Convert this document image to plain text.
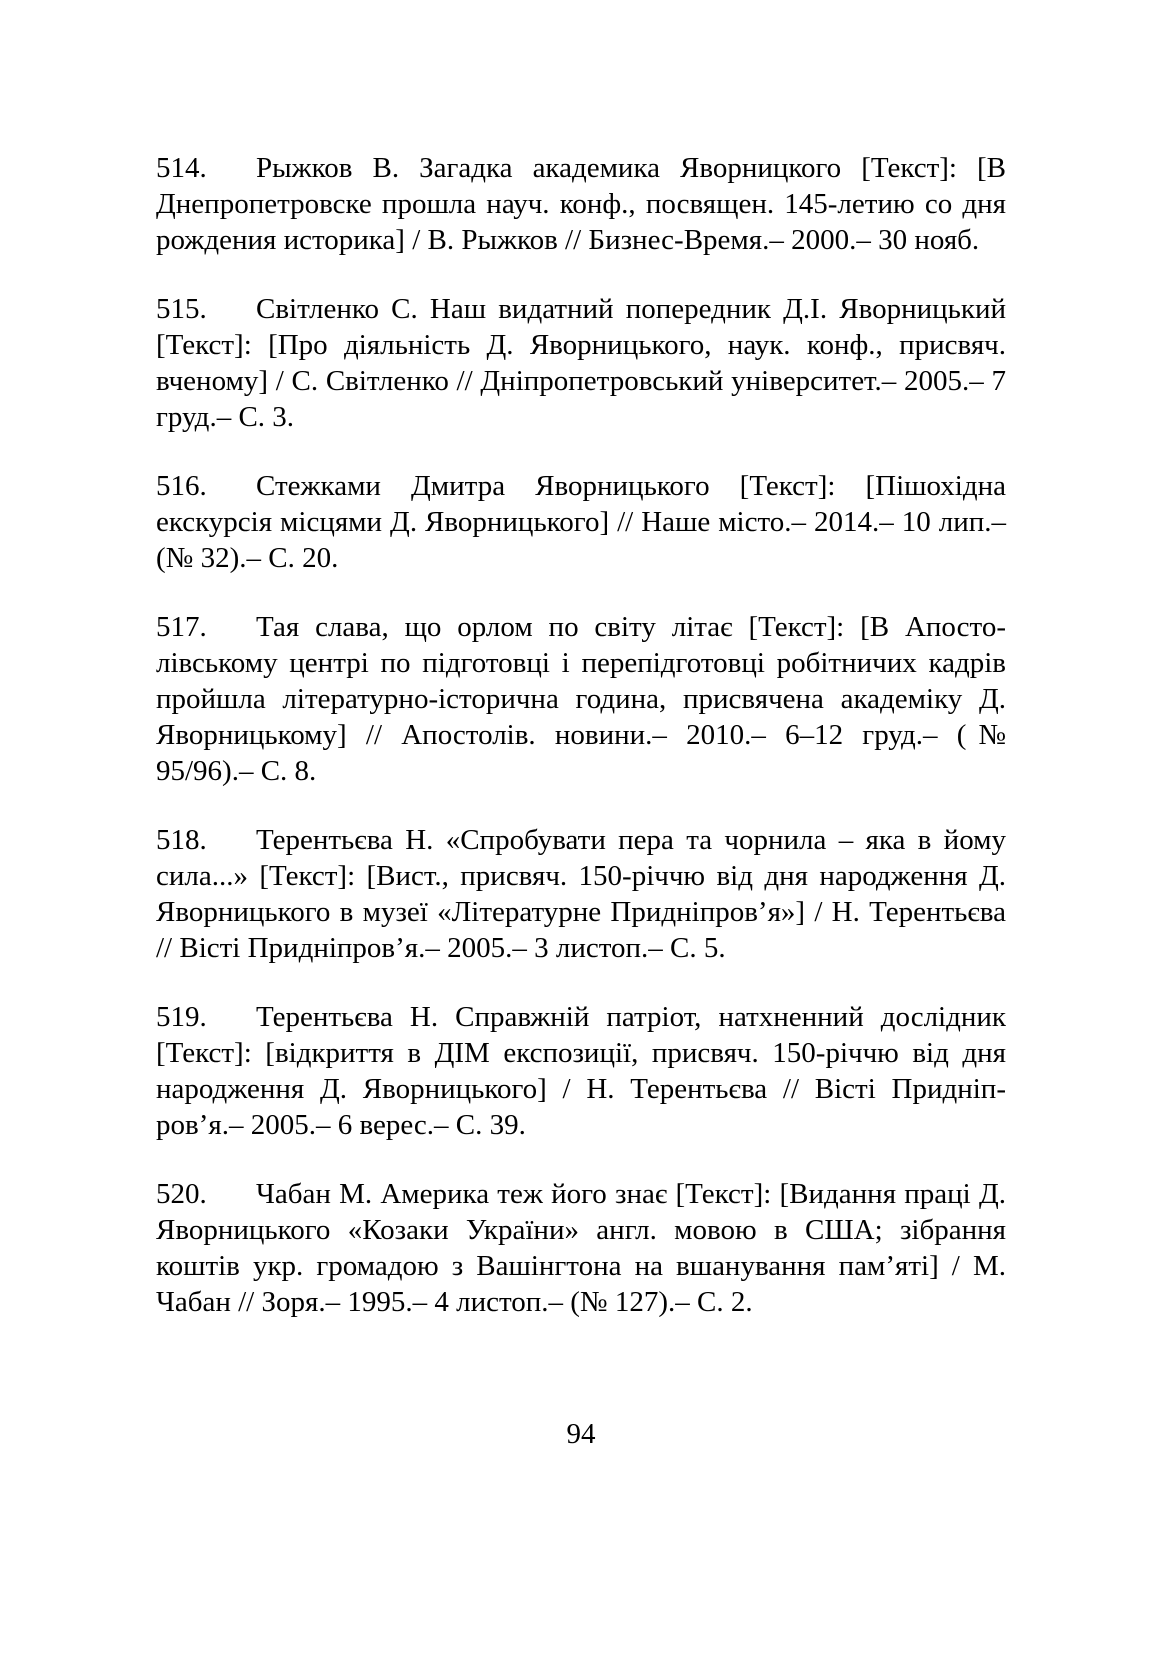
514. Рыжков В. Загадка академика Яворницкого [Текст]: [В Днепропетровске прошла науч. конф., посвящен. 145-летию со дня рождения историка] / В. Рыжков // Бизнес-Время.– 2000.– 30 нояб.

515. Світленко С. Наш видатний попередник Д.І. Яворницький [Текст]: [Про діяльність Д. Яворницького, наук. конф., присвяч. вченому] / С. Світленко // Дніпропетровський університет.– 2005.– 7 груд.– С. 3.

516. Стежками Дмитра Яворницького [Текст]: [Пішохідна екскурсія місцями Д. Яворницького] // Наше місто.– 2014.– 10 лип.– (№ 32).– С. 20.

517. Тая слава, що орлом по світу літає [Текст]: [В Апостолівському центрі по підготовці і перепідготовці робітничих кадрів пройшла літературно-історична година, присвячена академіку Д. Яворницькому] // Апостолів. новини.– 2010.– 6–12 груд.– (№ 95/96).– С. 8.

518. Терентьєва Н. «Спробувати пера та чорнила – яка в йому сила...» [Текст]: [Вист., присвяч. 150-річчю від дня народження Д. Яворницького в музеї «Літературне Придніпров’я»] / Н. Терентьєва // Вісті Придніпров’я.– 2005.– 3 листоп.– С. 5.

519. Терентьєва Н. Справжній патріот, натхненний дослідник [Текст]: [відкриття в ДІМ експозиції, присвяч. 150-річчю від дня народження Д. Яворницького] / Н. Терентьєва // Вісті Придніпров’я.– 2005.– 6 верес.– С. 39.

520. Чабан М. Америка теж його знає [Текст]: [Видання праці Д. Яворницького «Козаки України» англ. мовою в США; зібрання коштів укр. громадою з Вашінгтона на вшанування пам’яті] / М. Чабан // Зоря.– 1995.– 4 листоп.– (№ 127).– С. 2.

94
